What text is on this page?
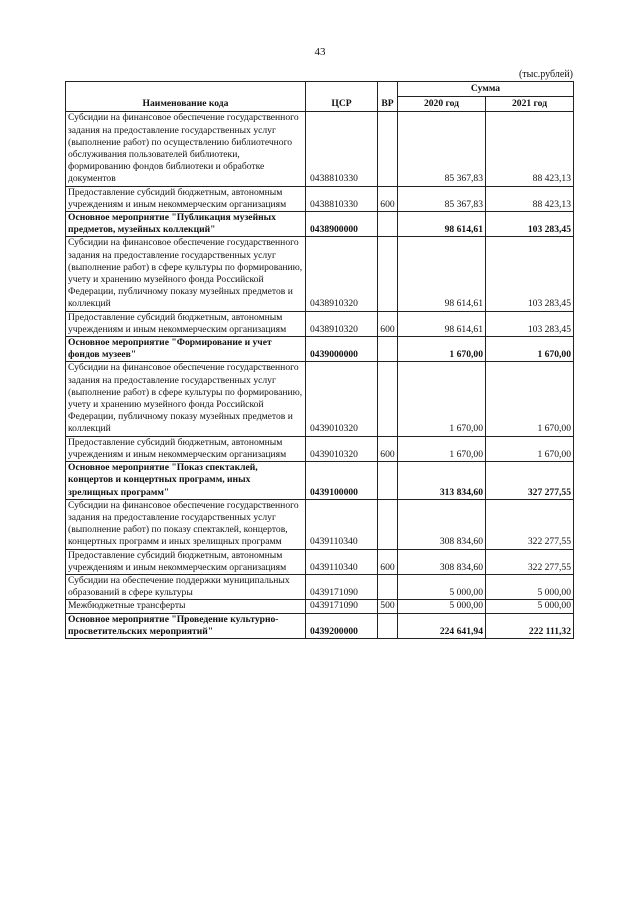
43
(тыс.рублей)
Наименование кода	ЦСР	ВР	Сумма	
			2020 год	2021 год
Субсидии на финансовое обеспечение государственного задания на предоставление государственных услуг (выполнение работ) по осуществлению библиотечного обслуживания пользователей библиотеки, формированию фондов библиотеки и обработке документов	0438810330		85 367,83	88 423,13
Предоставление субсидий бюджетным, автономным учреждениям и иным некоммерческим организациям	0438810330	600	85 367,83	88 423,13
Основное мероприятие "Публикация музейных предметов, музейных коллекций"	0438900000		98 614,61	103 283,45
Субсидии на финансовое обеспечение государственного задания на предоставление государственных услуг (выполнение работ) в сфере культуры по формированию, учету и хранению музейного фонда Российской Федерации, публичному показу музейных предметов и коллекций	0438910320		98 614,61	103 283,45
Предоставление субсидий бюджетным, автономным учреждениям и иным некоммерческим организациям	0438910320	600	98 614,61	103 283,45
Основное мероприятие "Формирование и учет фондов музеев"	0439000000		1 670,00	1 670,00
Субсидии на финансовое обеспечение государственного задания на предоставление государственных услуг (выполнение работ) в сфере культуры по формированию, учету и хранению музейного фонда Российской Федерации, публичному показу музейных предметов и коллекций	0439010320		1 670,00	1 670,00
Предоставление субсидий бюджетным, автономным учреждениям и иным некоммерческим организациям	0439010320	600	1 670,00	1 670,00
Основное мероприятие "Показ спектаклей, концертов и концертных программ, иных зрелищных программ"	0439100000		313 834,60	327 277,55
Субсидии на финансовое обеспечение государственного задания на предоставление государственных услуг (выполнение работ) по показу спектаклей, концертов, концертных программ и иных зрелищных программ	0439110340		308 834,60	322 277,55
Предоставление субсидий бюджетным, автономным учреждениям и иным некоммерческим организациям	0439110340	600	308 834,60	322 277,55
Субсидии на обеспечение поддержки муниципальных образований в сфере культуры	0439171090		5 000,00	5 000,00
Межбюджетные трансферты	0439171090	500	5 000,00	5 000,00
Основное мероприятие "Проведение культурно-просветительских мероприятий"	0439200000		224 641,94	222 111,32
